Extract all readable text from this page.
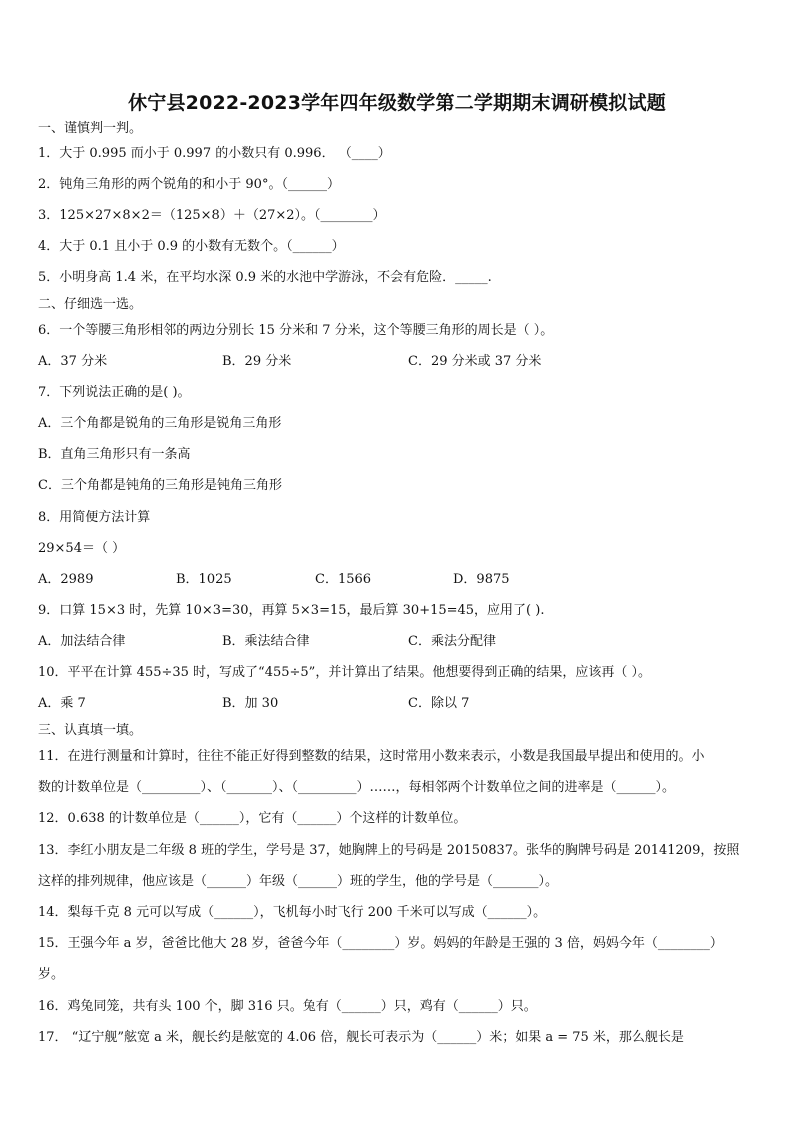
休宁县2022-2023学年四年级数学第二学期期末调研模拟试题
一、谨慎判一判。
1．大于 0.995 而小于 0.997 的小数只有 0.996． （____）
2．钝角三角形的两个锐角的和小于 90°。（______）
3．125×27×8×2＝（125×8）＋（27×2）。（________）
4．大于 0.1 且小于 0.9 的小数有无数个。（______）
5．小明身高 1.4 米，在平均水深 0.9 米的水池中学游泳，不会有危险．_____.
二、仔细选一选。
6．一个等腰三角形相邻的两边分别长 15 分米和 7 分米，这个等腰三角形的周长是（ ）。
A．37 分米	B．29 分米	C．29 分米或 37 分米
7．下列说法正确的是( )。
A．三个角都是锐角的三角形是锐角三角形
B．直角三角形只有一条高
C．三个角都是钝角的三角形是钝角三角形
8．用简便方法计算
29×54＝（ ）
A．2989	B．1025	C．1566	D．9875
9．口算 15×3 时，先算 10×3=30，再算 5×3=15，最后算 30+15=45，应用了( ).
A．加法结合律	B．乘法结合律	C．乘法分配律
10．平平在计算 455÷35 时，写成了“455÷5”，并计算出了结果。他想要得到正确的结果，应该再（ ）。
A．乘 7	B．加 30	C．除以 7
三、认真填一填。
11．在进行测量和计算时，往往不能正好得到整数的结果，这时常用小数来表示，小数是我国最早提出和使用的。小
数的计数单位是（_________）、（_______）、（_________）……，每相邻两个计数单位之间的进率是（______）。
12．0.638 的计数单位是（______），它有（______）个这样的计数单位。
13．李红小朋友是二年级 8 班的学生，学号是 37，她胸牌上的号码是 20150837。张华的胸牌号码是 20141209，按照
这样的排列规律，他应该是（______）年级（______）班的学生，他的学号是（_______）。
14．梨每千克 8 元可以写成（______），飞机每小时飞行 200 千米可以写成（______）。
15．王强今年 a 岁，爸爸比他大 28 岁，爸爸今年（________）岁。妈妈的年龄是王强的 3 倍，妈妈今年（________）
岁。
16．鸡兔同笼，共有头 100 个，脚 316 只。兔有（______）只，鸡有（______）只。
17． “辽宁舰”舷宽 a 米，舰长约是舷宽的 4.06 倍，舰长可表示为（______）米；如果 a = 75 米，那么舰长是
